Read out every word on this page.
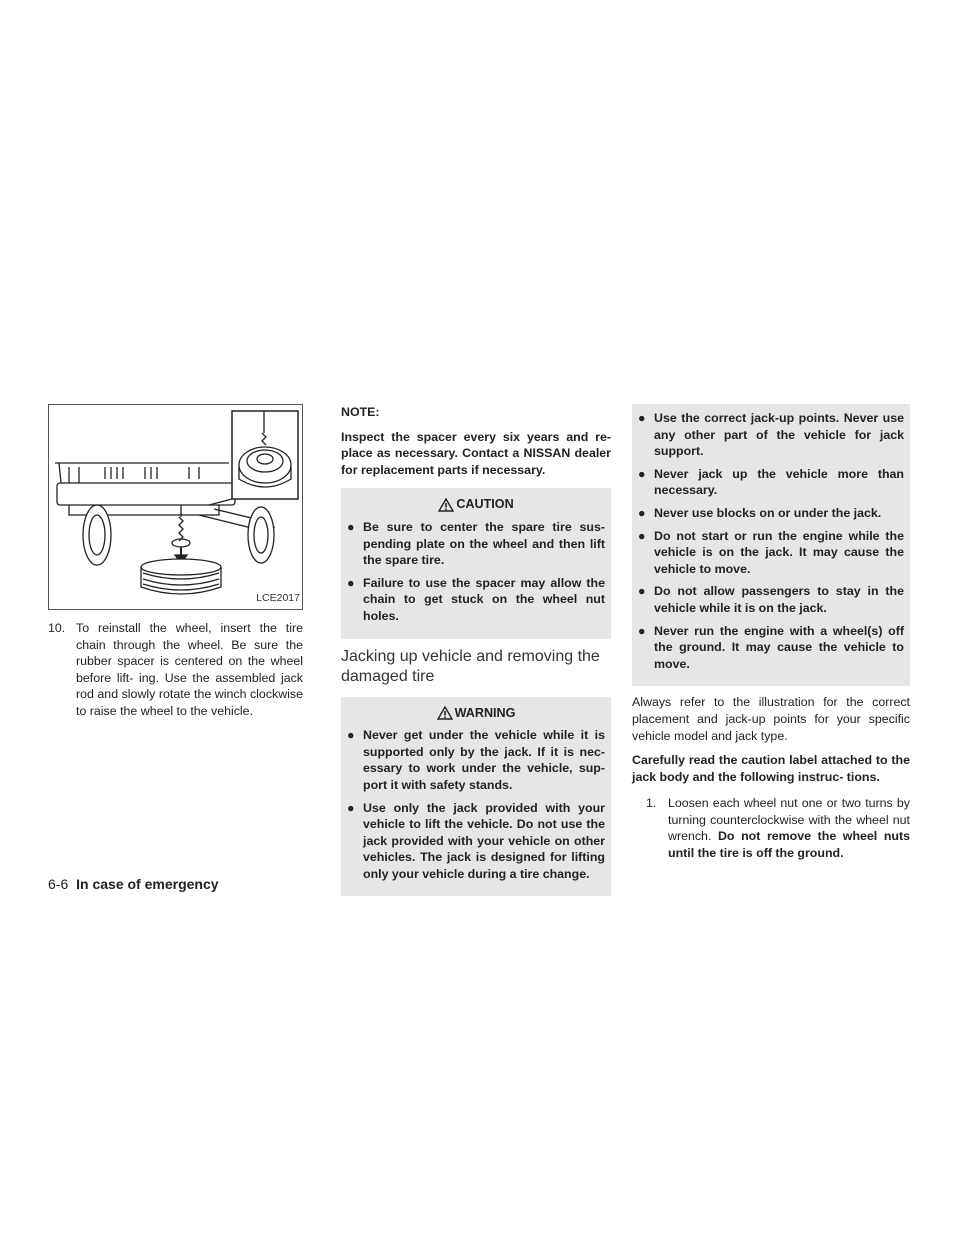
LCE2017
10. To reinstall the wheel, insert the tire chain through the wheel. Be sure the rubber spacer is centered on the wheel before lift- ing. Use the assembled jack rod and slowly rotate the winch clockwise to raise the wheel to the vehicle.
NOTE:

Inspect the spacer every six years and re- place as necessary. Contact a NISSAN dealer for replacement parts if necessary.

CAUTION
● Be sure to center the spare tire sus- pending plate on the wheel and then lift the spare tire.
● Failure to use the spacer may allow the chain to get stuck on the wheel nut holes.
Jacking up vehicle and removing the damaged tire
WARNING
● Never get under the vehicle while it is supported only by the jack. If it is nec- essary to work under the vehicle, sup- port it with safety stands.
● Use only the jack provided with your vehicle to lift the vehicle. Do not use the jack provided with your vehicle on other vehicles. The jack is designed for lifting only your vehicle during a tire change.
● Use the correct jack-up points. Never use any other part of the vehicle for jack support.
● Never jack up the vehicle more than necessary.
● Never use blocks on or under the jack.
● Do not start or run the engine while the vehicle is on the jack. It may cause the vehicle to move.
● Do not allow passengers to stay in the vehicle while it is on the jack.
● Never run the engine with a wheel(s) off the ground. It may cause the vehicle to move.

Always refer to the illustration for the correct placement and jack-up points for your specific vehicle model and jack type.

Carefully read the caution label attached to the jack body and the following instruc- tions.

1. Loosen each wheel nut one or two turns by turning counterclockwise with the wheel nut wrench. Do not remove the wheel nuts until the tire is off the ground.
6-6 In case of emergency
